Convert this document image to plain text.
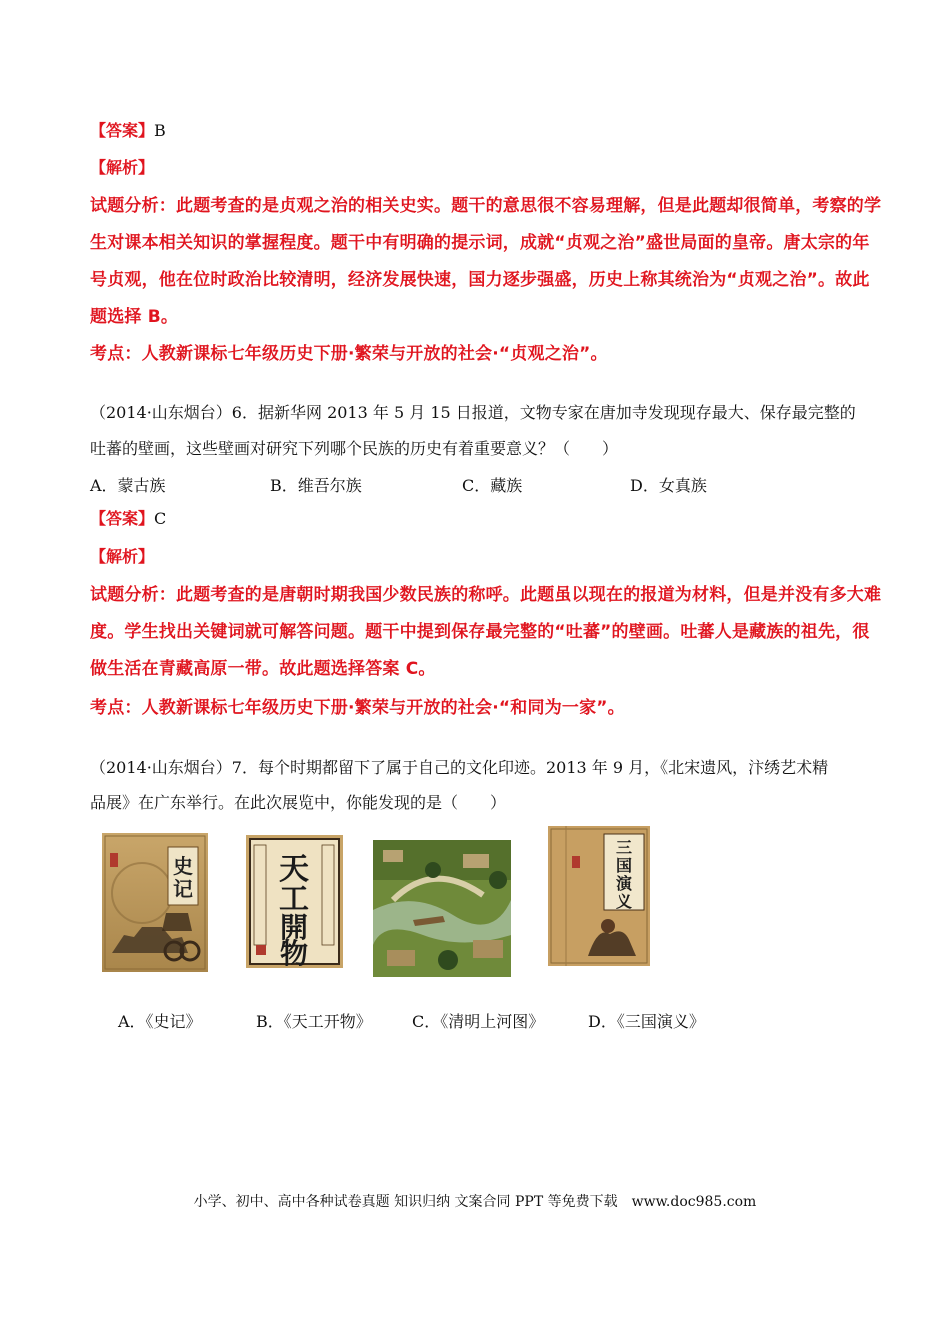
【答案】B
【解析】
试题分析：此题考查的是贞观之治的相关史实。题干的意思很不容易理解，但是此题却很简单，考察的学
生对课本相关知识的掌握程度。题干中有明确的提示词，成就“贞观之治”盛世局面的皇帝。唐太宗的年
号贞观，他在位时政治比较清明，经济发展快速，国力逐步强盛，历史上称其统治为“贞观之治”。故此
题选择 B。
考点：人教新课标七年级历史下册·繁荣与开放的社会·“贞观之治”。
（2014·山东烟台）6．据新华网 2013 年 5 月 15 日报道，文物专家在唐加寺发现现存最大、保存最完整的
吐蕃的壁画，这些壁画对研究下列哪个民族的历史有着重要意义？（　　）
A．蒙古族	B．维吾尔族	C．藏族	D．女真族
【答案】C
【解析】
试题分析：此题考查的是唐朝时期我国少数民族的称呼。此题虽以现在的报道为材料，但是并没有多大难
度。学生找出关键词就可解答问题。题干中提到保存最完整的“吐蕃”的壁画。吐蕃人是藏族的祖先，很
做生活在青藏高原一带。故此题选择答案 C。
考点：人教新课标七年级历史下册·繁荣与开放的社会·“和同为一家”。
（2014·山东烟台）7．每个时期都留下了属于自己的文化印迹。2013 年 9 月，《北宋遗风，汴绣艺术精
品展》在广东举行。在此次展览中，你能发现的是（　　）
史
记
天
工
開
物
三
国
演
义
A．《史记》	B．《天工开物》	C．《清明上河图》	D．《三国演义》
小学、初中、高中各种试卷真题 知识归纳 文案合同 PPT 等免费下载　www.doc985.com
